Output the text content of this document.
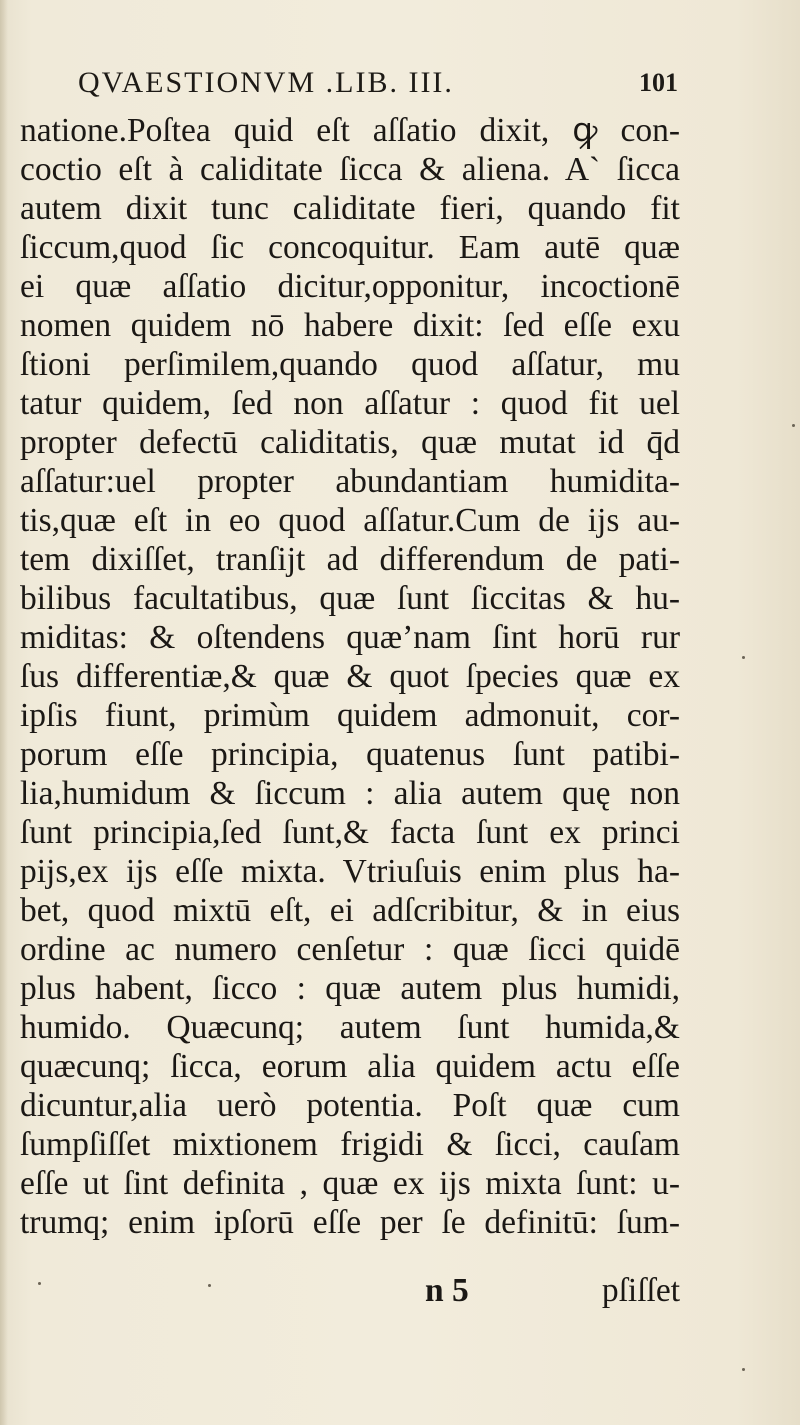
QVAESTIONVM .LIB. III.	101
natione.Poſtea quid eſt aſſatio dixit, ꝙ con-
coctio eſt à caliditate ſicca & aliena. A` ſicca
autem dixit tunc caliditate fieri, quando fit
ſiccum,quod ſic concoquitur. Eam autē quæ
ei quæ aſſatio dicitur,opponitur, incoctionē
nomen quidem nō habere dixit: ſed eſſe exu
ſtioni perſimilem,quando quod aſſatur, mu
tatur quidem, ſed non aſſatur : quod fit uel
propter defectū caliditatis, quæ mutat id q̄d
aſſatur:uel propter abundantiam humidita-
tis,quæ eſt in eo quod aſſatur.Cum de ijs au-
tem dixiſſet, tranſijt ad differendum de pati-
bilibus facultatibus, quæ ſunt ſiccitas & hu-
miditas: & oſtendens quæ’nam ſint horū rur
ſus differentiæ,& quæ & quot ſpecies quæ ex
ipſis fiunt, primùm quidem admonuit, cor-
porum eſſe principia, quatenus ſunt patibi-
lia,humidum & ſiccum : alia autem quę non
ſunt principia,ſed ſunt,& facta ſunt ex princi
pijs,ex ijs eſſe mixta. Vtriuſuis enim plus ha-
bet, quod mixtū eſt, ei adſcribitur, & in eius
ordine ac numero cenſetur : quæ ſicci quidē
plus habent, ſicco : quæ autem plus humidi,
humido. Quæcunq; autem ſunt humida,&
quæcunq; ſicca, eorum alia quidem actu eſſe
dicuntur,alia uerò potentia. Poſt quæ cum
ſumpſiſſet mixtionem frigidi & ſicci, cauſam
eſſe ut ſint definita , quæ ex ijs mixta ſunt: u-
trumq; enim ipſorū eſſe per ſe definitū: ſum-
n 5	pſiſſet
